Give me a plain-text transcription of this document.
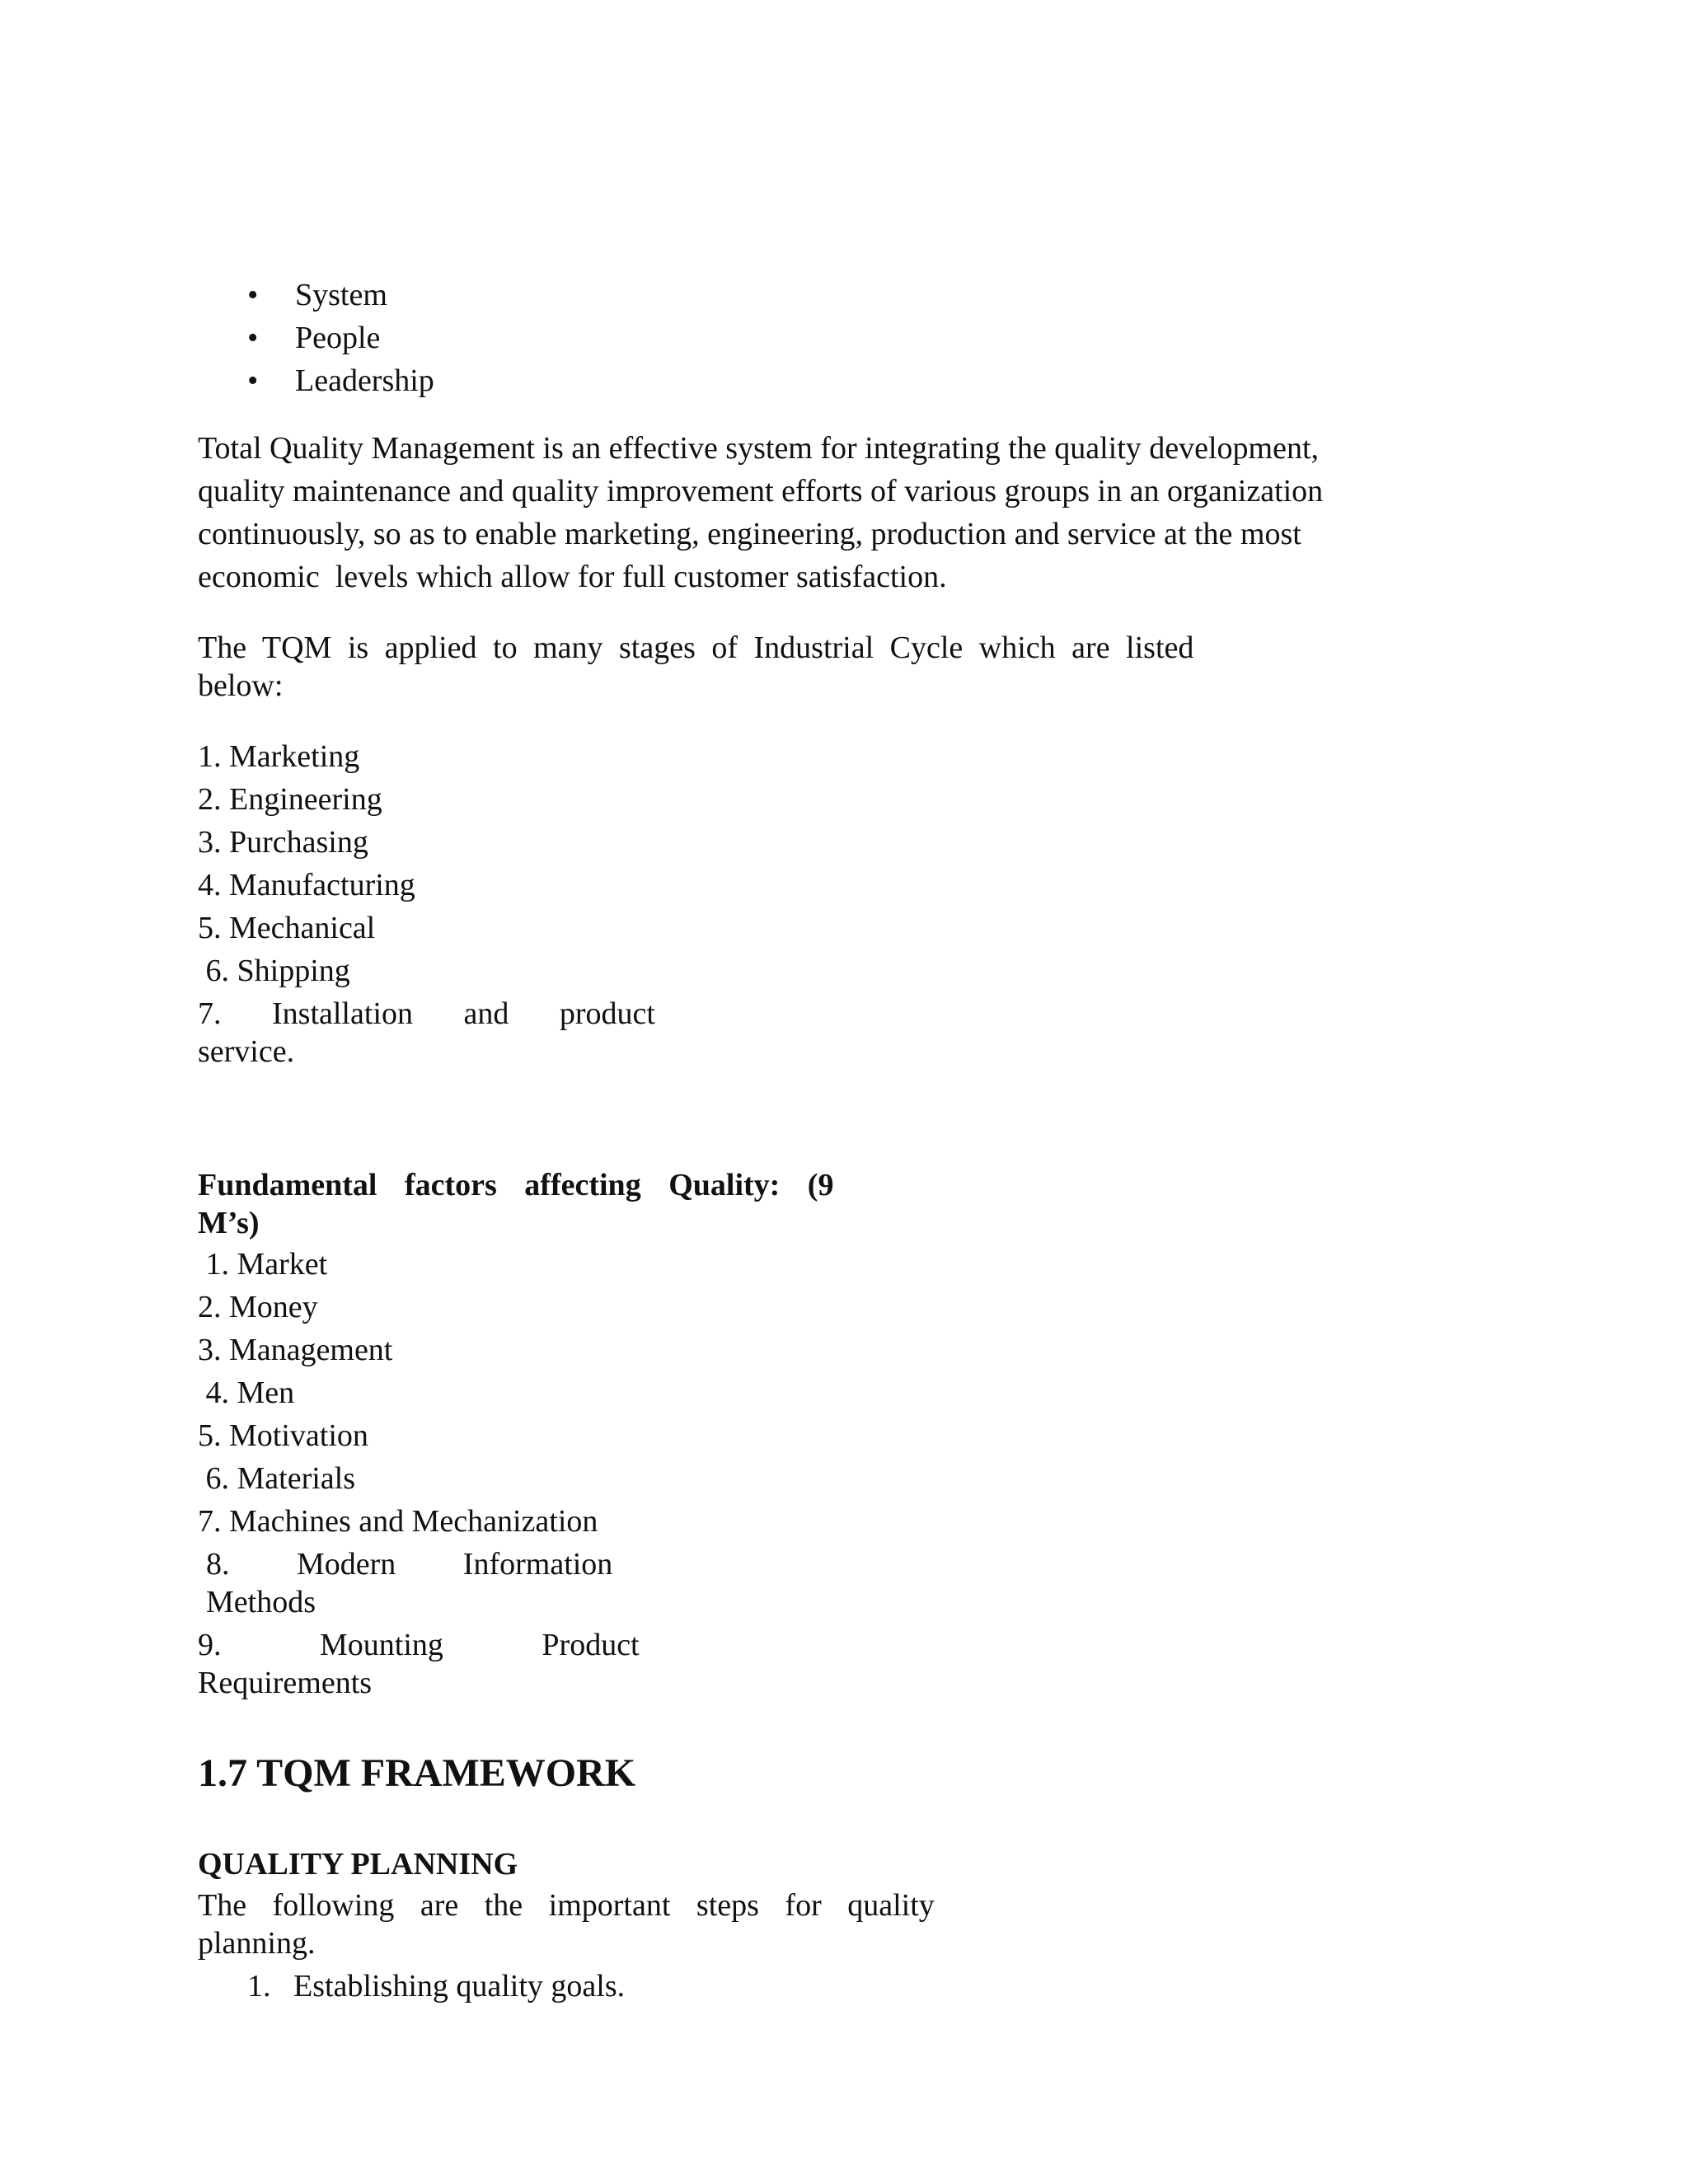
• System
• People
• Leadership
Total Quality Management is an effective system for integrating the quality development,
quality maintenance and quality improvement efforts of various groups in an organization
continuously, so as to enable marketing, engineering, production and service at the most
economic  levels which allow for full customer satisfaction.
The TQM is applied to many stages of Industrial Cycle which are listed
below:
1. Marketing
2. Engineering
3. Purchasing
4. Manufacturing
5. Mechanical
6. Shipping
7. Installation and product
service.
Fundamental factors affecting Quality: (9
M’s)
1. Market
2. Money
3. Management
4. Men
5. Motivation
6. Materials
7. Machines and Mechanization
8. Modern Information
Methods
9. Mounting Product
Requirements
1.7 TQM FRAMEWORK
QUALITY PLANNING
The following are the important steps for quality
planning.
1. Establishing quality goals.
